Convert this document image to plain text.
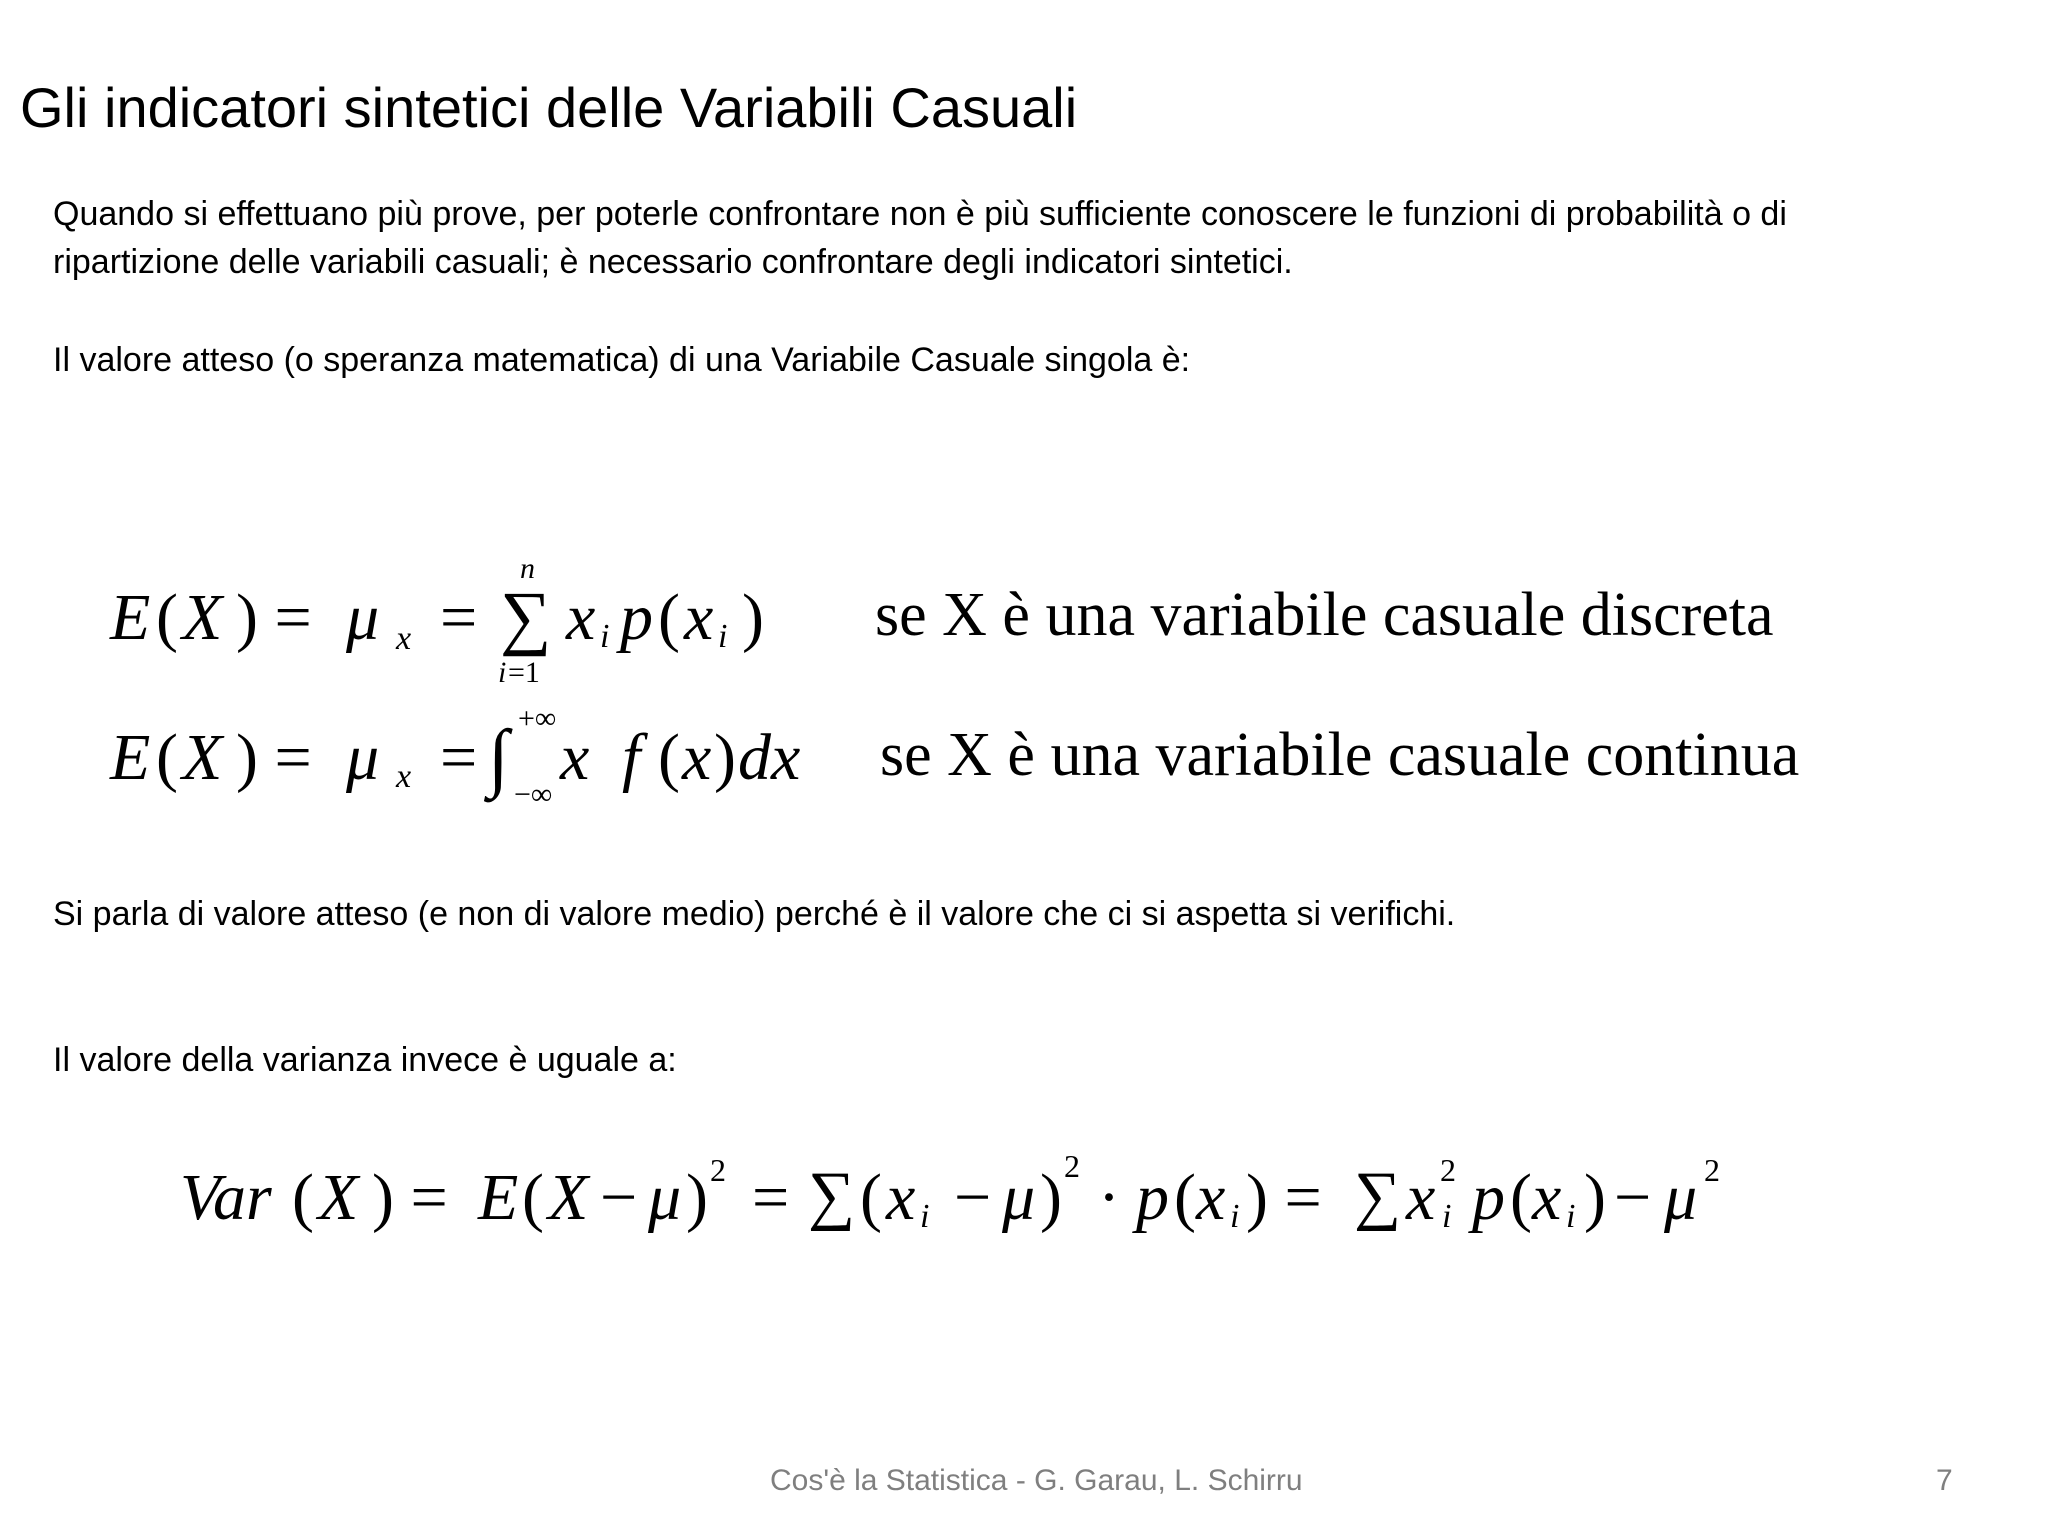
Gli indicatori sintetici delle Variabili Casuali
Quando si effettuano più prove, per poterle confrontare non è più sufficiente conoscere le funzioni di probabilità o di
ripartizione delle variabili casuali; è necessario confrontare degli indicatori sintetici.
Il valore atteso (o speranza matematica) di una Variabile Casuale singola è:
E ( X ) = μ x =
n
∑
i =1
x i p ( x i ) se X è una variabile casuale discreta
E ( X ) = μ x = ∫ +∞
−∞
x f ( x ) dx se X è una variabile casuale continua
Si parla di valore atteso (e non di valore medio) perché è il valore che ci si aspetta si verifichi.
Il valore della varianza invece è uguale a:
Var ( X ) = E ( X − μ ) 2 = ∑ ( x i − μ ) 2 · p ( x i ) = ∑ x 2
i p ( x i ) − μ 2
Cos'è la Statistica - G. Garau, L. Schirru	7
